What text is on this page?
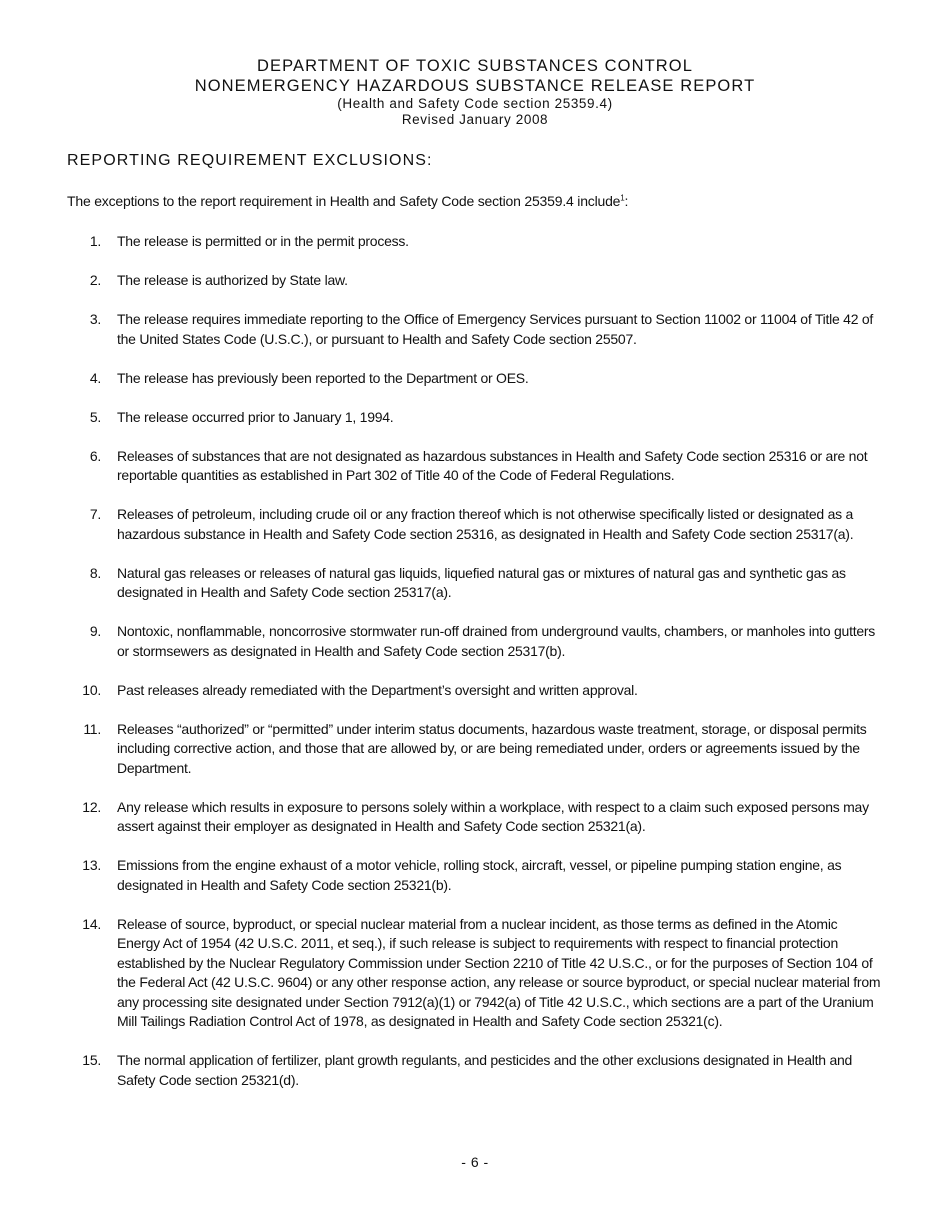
DEPARTMENT OF TOXIC SUBSTANCES CONTROL
NONEMERGENCY HAZARDOUS SUBSTANCE RELEASE REPORT
(Health and Safety Code section 25359.4)
Revised January 2008
REPORTING REQUIREMENT EXCLUSIONS:
The exceptions to the report requirement in Health and Safety Code section 25359.4 include$^1$:
1. The release is permitted or in the permit process.
2. The release is authorized by State law.
3. The release requires immediate reporting to the Office of Emergency Services pursuant to Section 11002 or 11004 of Title 42 of the United States Code (U.S.C.), or pursuant to Health and Safety Code section 25507.
4. The release has previously been reported to the Department or OES.
5. The release occurred prior to January 1, 1994.
6. Releases of substances that are not designated as hazardous substances in Health and Safety Code section 25316 or are not reportable quantities as established in Part 302 of Title 40 of the Code of Federal Regulations.
7. Releases of petroleum, including crude oil or any fraction thereof which is not otherwise specifically listed or designated as a hazardous substance in Health and Safety Code section 25316, as designated in Health and Safety Code section 25317(a).
8. Natural gas releases or releases of natural gas liquids, liquefied natural gas or mixtures of natural gas and synthetic gas as designated in Health and Safety Code section 25317(a).
9. Nontoxic, nonflammable, noncorrosive stormwater run-off drained from underground vaults, chambers, or manholes into gutters or stormsewers as designated in Health and Safety Code section 25317(b).
10. Past releases already remediated with the Department’s oversight and written approval.
11. Releases “authorized” or “permitted” under interim status documents, hazardous waste treatment, storage, or disposal permits including corrective action, and those that are allowed by, or are being remediated under, orders or agreements issued by the Department.
12. Any release which results in exposure to persons solely within a workplace, with respect to a claim such exposed persons may assert against their employer as designated in Health and Safety Code section 25321(a).
13. Emissions from the engine exhaust of a motor vehicle, rolling stock, aircraft, vessel, or pipeline pumping station engine, as designated in Health and Safety Code section 25321(b).
14. Release of source, byproduct, or special nuclear material from a nuclear incident, as those terms as defined in the Atomic Energy Act of 1954 (42 U.S.C. 2011, et seq.), if such release is subject to requirements with respect to financial protection established by the Nuclear Regulatory Commission under Section 2210 of Title 42 U.S.C., or for the purposes of Section 104 of the Federal Act (42 U.S.C. 9604) or any other response action, any release or source byproduct, or special nuclear material from any processing site designated under Section 7912(a)(1) or 7942(a) of Title 42 U.S.C., which sections are a part of the Uranium Mill Tailings Radiation Control Act of 1978, as designated in Health and Safety Code section 25321(c).
15. The normal application of fertilizer, plant growth regulants, and pesticides and the other exclusions designated in Health and Safety Code section 25321(d).
- 6 -
